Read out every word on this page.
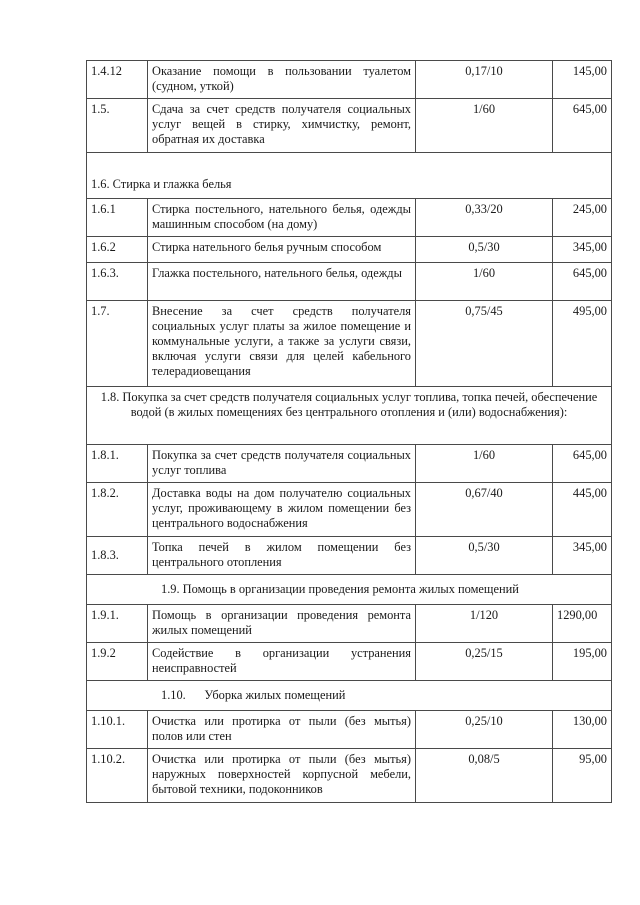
1.4.12	Оказание помощи в пользовании туалетом (судном, уткой)	0,17/10	145,00
1.5.	Сдача за счет средств получателя социальных услуг вещей в стирку, химчистку, ремонт, обратная их доставка	1/60	645,00
1.6. Стирка и глажка белья			
1.6.1	Стирка постельного, нательного белья, одежды машинным способом (на дому)	0,33/20	245,00
1.6.2	Стирка нательного белья ручным способом	0,5/30	345,00
1.6.3.	Глажка постельного, нательного белья, одежды	1/60	645,00
1.7.	Внесение за счет средств получателя социальных услуг платы за жилое помещение и коммунальные услуги, а также за услуги связи, включая услуги связи для целей кабельного телерадиовещания	0,75/45	495,00
1.8. Покупка за счет средств получателя социальных услуг топлива, топка печей, обеспечение водой (в жилых помещениях без центрального отопления и (или) водоснабжения):			
1.8.1.	Покупка за счет средств получателя социальных услуг топлива	1/60	645,00
1.8.2.	Доставка воды на дом получателю социальных услуг, проживающему в жилом помещении без центрального водоснабжения	0,67/40	445,00
1.8.3.	Топка печей в жилом помещении без центрального отопления	0,5/30	345,00
1.9. Помощь в организации проведения ремонта жилых помещений			
1.9.1.	Помощь в организации проведения ремонта жилых помещений	1/120	1290,00
1.9.2	Содействие в организации устранения неисправностей	0,25/15	195,00
1.10.      Уборка жилых помещений			
1.10.1.	Очистка или протирка от пыли (без мытья) полов или стен	0,25/10	130,00
1.10.2.	Очистка или протирка от пыли (без мытья) наружных поверхностей корпусной мебели, бытовой техники, подоконников	0,08/5	95,00
